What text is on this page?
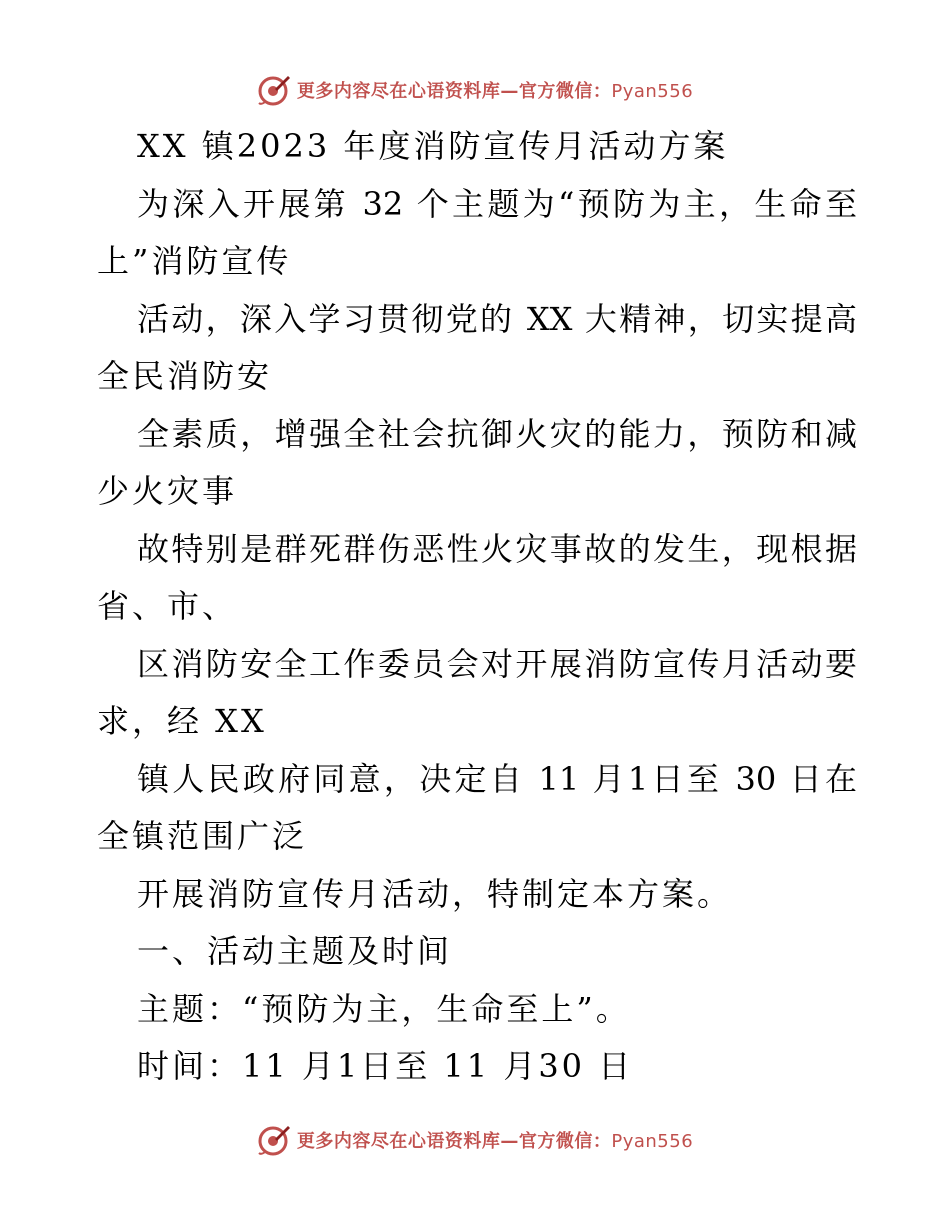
更多内容尽在心语资料库—官方微信：Pyan556
XX 镇2023 年度消防宣传月活动方案
为深入开展第 32 个主题为“预防为主，生命至
上”消防宣传
活动，深入学习贯彻党的 XX 大精神，切实提高
全民消防安
全素质，增强全社会抗御火灾的能力，预防和减
少火灾事
故特别是群死群伤恶性火灾事故的发生，现根据
省、市、
区消防安全工作委员会对开展消防宣传月活动要
求，经 XX
镇人民政府同意，决定自 11 月1日至 30 日在
全镇范围广泛
开展消防宣传月活动，特制定本方案。
一、活动主题及时间
主题：“预防为主，生命至上”。
时间：11 月1日至 11 月30 日
更多内容尽在心语资料库—官方微信：Pyan556
